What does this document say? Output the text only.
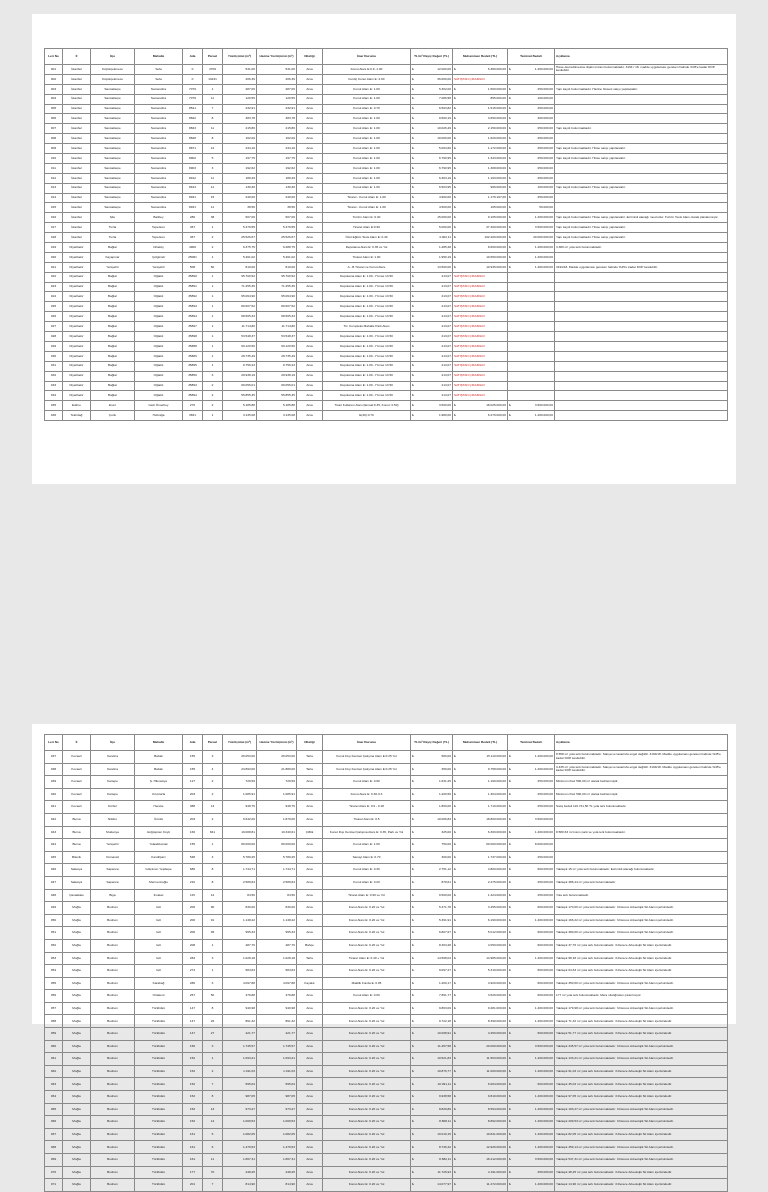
Leri No	İl	İlçe	Mahalle	Ada	Parsel	Yüzölçümü (m²)	Hazine Yüzölçümü (m²)	Niteliği	İmar Durumu	TL/m² Rayiç Değeri (TL)	Muhammen Bedeli (TL)	Teminat Bedeli	Açıklama
001	İstanbul	Küçükçekmece	Sefa	0	4709	531,00	531,00	Arsa	Konut Alanı E:0.9 -1.00	₺ 12.000,00	₺ 6.380.000,00	₺ 1.400.000,00	Hisse devredilmesine ilişkin imzası bulunmaktadır. 3194 / 18. madde uygulaması gereken halinde %45'e kadar DOP kesilebilir.
002	İstanbul	Küçükçekmece	Sefa	0	13231	206,36	206,36	Arsa	Ferdiç Konut Alanı E: 2.00	₺ 36.000,00	SATIŞTAN ÇIKARILDI		
003	İstanbul	Sancaktepe	Samandıra	7079	1	287,00	287,00	Arsa	Konut Alanı E: 1.00	₺ 5.302,00	₺ 1.500.000,00	₺ 250.000,00	Yapı kaydı bulunmaktadır. Hazine hissesi satışı yapılacaktır.
004	İstanbul	Sancaktepe	Samandıra	7079	11	120,55	120,55	Arsa	Konut Alanı E: 1.00	₺ 7.086,58	₺ 855.000,00	₺ 100.000,00	
005	İstanbul	Sancaktepe	Samandıra	8521	7	232,91	232,91	Arsa	Konut Alanı E: 0.70	₺ 6.503,82	₺ 1.515.000,00	₺ 250.000,00	
006	İstanbul	Sancaktepe	Samandıra	8822	8	383,78	383,78	Arsa	Konut Alanı E: 1.00	₺ 9.500,19	₺ 3.650.000,00	₺ 400.000,00	
007	İstanbul	Sancaktepe	Samandıra	8823	11	215,86	215,86	Arsa	Konut Alanı E: 1.00	₺ 10.026,49	₺ 2.150.000,00	₺ 250.000,00	Yapı kaydı bulunmaktadır.
008	İstanbul	Sancaktepe	Samandıra	8828	8	162,00	162,00	Arsa	Konut Alanı E: 1.00	₺ 10.000,00	₺ 1.620.000,00	₺ 250.000,00	
009	İstanbul	Sancaktepe	Samandıra	8871	12	234,19	234,19	Arsa	Konut Alanı E: 1.00	₺ 5.003,60	₺ 1.172.000,00	₺ 250.000,00	Yapı kaydı bulunmaktadır. Hisse satışı yapılacaktır.
010	İstanbul	Sancaktepe	Samandıra	8902	5	197,75	197,75	Arsa	Konut Alanı E: 1.00	₺ 6.790,95	₺ 1.343.000,00	₺ 250.000,00	Yapı kaydı bulunmaktadır. Hisse satışı yapılacaktır.
011	İstanbul	Sancaktepe	Samandıra	8903	3	192,62	192,62	Arsa	Konut Alanı E: 1.00	₺ 6.790,95	₺ 1.308.000,00	₺ 250.000,00	
012	İstanbul	Sancaktepe	Samandıra	8912	11	189,29	189,29	Arsa	Konut Alanı E: 1.00	₺ 6.303,19	₺ 1.193.000,00	₺ 250.000,00	
013	İstanbul	Sancaktepe	Samandıra	8913	11	139,30	139,30	Arsa	Konut Alanı E: 1.00	₺ 6.503,95	₺ 906.000,00	₺ 100.000,00	Yapı kaydı bulunmaktadır. Hisse satışı yapılacaktır.
014	İstanbul	Sancaktepe	Samandıra	8931	15	240,00	240,00	Arsa	Ticaret - Konut Alanı E: 1.00	₺ 4.900,00	₺ 1.176.167,00	₺ 250.000,00	
015	İstanbul	Sancaktepe	Samandıra	8931	11	38,56	38,56	Arsa	Ticaret - Konut Alanı E: 1.00	₺ 4.500,00	₺ 165.000,00	₺ 50.000,00	
016	İstanbul	Şile	Balibey	280	38	607,00	607,00	Arsa	Turizm Alanı E: 0.40	₺ 15.000,00	₺ 9.105.000,00	₺ 1.400.000,00	Yapı kaydı bulunmaktadır. Hisse satışı yapılacaktır. Ecrimisil alacağı mevcuttur. Turizm Tesis Alanı olarak planlanmıştır.
017	İstanbul	Tuzla	Tepeören	467	1	5.479,55	5.479,55	Arsa	Ticaret Alanı E:0.90	₺ 5.000,00	₺ 27.400.000,00	₺ 3.500.000,00	Yapı kaydı bulunmaktadır. Hisse satışı yapılacaktır.
018	İstanbul	Tuzla	Tepeören	467	2	25.526,67	25.526,67	Arsa	Özel Eğitim Tesis Alanı E: 0.40	₺ 4.002,11	₺ 102.200.000,00	₺ 20.000.000,00	Yapı kaydı bulunmaktadır. Hisse satışı yapılacaktır.
019	Diyarbakır	Bağlar	Ortaköy	4906	2	6.375,75	6.288,75	Arsa	Depolama Alanı E: 0.35 ve Yol	₺ 1.285,28	₺ 8.600.000,00	₺ 1.400.000,00	3.380 m² yola terk bulunmaktadır.
020	Diyarbakır	Kayapınar	Çölgüzeli	25081	1	5.461,02	5.461,02	Arsa	Ticaret Alanı E: 1.00	₺ 1.950,19	₺ 10.650.000,00	₺ 1.400.000,00	
021	Diyarbakır	Yenişehir	Yenişehir	508	60	810,00	810,00	Arsa	A - B Ticaret ve Konut Alanı	₺ 13.500,00	₺ 10.935.000,00	₺ 1.400.000,00	3194/18. Madde uygulaması gereken halinde %45'e kadar DOP kesilebilir.
022	Diyarbakır	Bağlar	Oğlaklı	35890	1	95.700,52	95.700,52	Arsa	Depolama Alanı E: 1.00 - H:max 13.50	₺ 213,07	SATIŞTAN ÇIKARILDI		
023	Diyarbakır	Bağlar	Oğlaklı	35891	1	71.255,36	71.255,36	Arsa	Depolama Alanı E: 1.00 - H:max 13.50	₺ 213,07	SATIŞTAN ÇIKARILDI		
024	Diyarbakır	Bağlar	Oğlaklı	35892	1	65.064,90	65.064,90	Arsa	Depolama Alanı E: 1.00 - H:max 13.50	₺ 213,07	SATIŞTAN ÇIKARILDI		
025	Diyarbakır	Bağlar	Oğlaklı	35893	1	80.607,52	80.607,52	Arsa	Depolama Alanı E: 1.00 - H:max 13.50	₺ 213,07	SATIŞTAN ÇIKARILDI		
026	Diyarbakır	Bağlar	Oğlaklı	35894	1	68.505,33	68.505,33	Arsa	Depolama Alanı E: 1.00 - H:max 13.50	₺ 213,07	SATIŞTAN ÇIKARILDI		
027	Diyarbakır	Bağlar	Oğlaklı	35897	1	11.714,80	11.714,80	Arsa	Tic. Kompleks Mahalle Park Alanı	₺ 213,07	SATIŞTAN ÇIKARILDI		
028	Diyarbakır	Bağlar	Oğlaklı	35898	1	53.548,37	53.548,37	Arsa	Depolama Alanı E: 1.00 - H:max 13.50	₺ 213,07	SATIŞTAN ÇIKARILDI		
029	Diyarbakır	Bağlar	Oğlaklı	35888	1	60.120,50	60.120,50	Arsa	Depolama Alanı E: 1.00 - H:max 13.50	₺ 213,07	SATIŞTAN ÇIKARILDI		
030	Diyarbakır	Bağlar	Oğlaklı	35889	1	28.735,49	28.735,49	Arsa	Depolama Alanı E: 1.00 - H:max 13.50	₺ 213,07	SATIŞTAN ÇIKARILDI		
031	Diyarbakır	Bağlar	Oğlaklı	35895	1	9.756,23	9.756,23	Arsa	Depolama Alanı E: 1.00 - H:max 13.50	₺ 213,07	SATIŞTAN ÇIKARILDI		
032	Diyarbakır	Bağlar	Oğlaklı	35850	3	29.938,19	29.938,19	Arsa	Depolama Alanı E: 1.00 - H:max 13.50	₺ 213,07	SATIŞTAN ÇIKARILDI		
033	Diyarbakır	Bağlar	Oğlaklı	35893	2	69.056,01	69.056,01	Arsa	Depolama Alanı E: 1.00 - H:max 13.50	₺ 213,07	SATIŞTAN ÇIKARILDI		
034	Diyarbakır	Bağlar	Oğlaklı	35894	2	55.855,35	55.855,35	Arsa	Depolama Alanı E: 1.00 - H:max 13.50	₺ 213,07	SATIŞTAN ÇIKARILDI		
035	Edirne	Enez	Gazi Ömerbey	276	2	5.185,88	5.185,88	Arsa	Ticari Kullanım Alanı (Emsal:0.35, Konut: 0.50)	₺ 3.500,00	₺ 18.025.000,00	₺ 3.500.000,00	
036	Tekirdağ	Çorlu	Hıdırağa	3831	1	3.135,08	3.135,08	Arsa	E(40).0.70	₺ 1.980,00	₺ 6.270.000,00	₺ 1.400.000,00	
Leri No	İl	İlçe	Mahalle	Ada	Parsel	Yüzölçümü (m²)	Hazine Yüzölçümü (m²)	Niteliği	İmar Durumu	TL/m² Rayiç Değeri (TL)	Muhammen Bedeli (TL)	Teminat Bedeli	Açıklama
037	Kocaeli	Kandıra	Babalı	155	3	26.053,00	26.053,00	Tarla	Konut Dışı Kentsel Çalışma Alanı E:0.25 Yol	₺ 580,00	₺ 15.110.000,00	₺ 1.400.000,00	8.558 m² yola terk bulunmaktadır. Satışa ve tasarrufa engel değildir. 3194/18. Madde uygulaması gereken halinde %45'e kadar DOP kesilebilir.
038	Kocaeli	Kandıra	Babalı	155	4	23.893,00	21.880,00	Tarla	Konut Dışı Kentsel Çalışma Alanı E:0.25 Yol	₺ 350,00	₺ 9.758.000,00	₺ 1.400.000,00	3.435 m² yola terk bulunmaktadır. Satışa ve tasarrufa engel değildir. 3194/18. Madde uygulaması gereken halinde %45'e kadar DOP kesilebilir.
039	Kocaeli	Kartepe	Ş. Hikmetiye	127	2	729,59	729,59	Arsa	Konut Alanı E: 0.90	₺ 1.631,25	₺ 1.190.000,00	₺ 250.000,00	Minimum ifraz 500,00 m² olarak belirlenmiştir.
040	Kocaeli	Kartepe	Uzuntarla	203	2	1.085,91	1.085,91	Arsa	Konut Alanı E: 0.30-0.3	₺ 1.200,56	₺ 1.304.000,00	₺ 250.000,00	Minimum ifraz 500,00 m² olarak belirlenmiştir.
041	Kocaeli	Körfez	Hereke	388	13	948,75	948,75	Arsa	Ticaret Alanı E: 0.9 - 0.18	₺ 1.800,00	₺ 1.710.000,00	₺ 250.000,00	Satış bedeli 116.741,50 TL yola terk bulunmaktadır.
042	Bursa	Nilüfer	Ürünlü	203	2	6.642,00	1.870,00	Arsa	Ticaret Alanı E: 0.5	₺ 10.006,83	₺ 18.800.000,00	₺ 3.500.000,00	
043	Bursa	Mudanya	Göğüşören Köyü	166	841	19.008,81	10.340,61	Çiftlik	Konut Dışı Kentsel Çalışma Alanı E: 0.35, Park ve Yol	₺ 325,00	₺ 6.300.000,00	₺ 1.400.000,00	8.580,63 m² kısmı park ve yola terk bulunmaktadır.
044	Bursa	Yenişehir	Yolaaltıkonak	155	1	80.000,00	80.000,00	Arsa	Konut Alanı E: 1.00	₺ 750,00	₺ 60.000.000,00	₺ 8.000.000,00	
045	Bilecik	Osmaneli	Kandilpazı	538	3	5.789,25	5.789,25	Arsa	Sanayi Alanı E: 0.70	₺ 300,00	₺ 1.737.000,00	₺ 250.000,00	
046	Sakarya	Sapanca	Gölçimen Yeşiltepe	680	8	1.744,71	1.744,71	Arsa	Konut Alanı E: 0.30	₺ 2.751,12	₺ 4.800.000,00	₺ 600.000,00	Yaklaşık 15 m² yola terk bulunmaktadır. Ecrimisil alacağı bulunmaktadır.
047	Sakarya	Sapanca	Mermercioğlu	210	8	2.589,64	2.589,64	Arsa	Konut Alanı E: 0.20	₺ 878,61	₺ 2.275.000,00	₺ 250.000,00	Yaklaşık 386,44 m² yola terk bulunmaktadır.
048	Çanakkale	Biga	Ilıcakel	115	12	84,50	84,50	Arsa	Ticaret Alanı E: 0.90 ve Yol	₺ 9.500,00	₺ 1.424.000,00	₺ 250.000,00	Yola terk bulunmaktadır.
049	Muğla	Bodrum	Göl	200	90	830,00	830,00	Arsa	Konut Alanı E: 0.20 ve Yol	₺ 5.371,78	₺ 3.455.000,00	₺ 600.000,00	Yaklaşık 170,00 m² yola terk bulunmaktadır. 3.Derece Arkeolojik Sit Alanı içerisindedir.
050	Muğla	Bodrum	Göl	200	91	1.148,22	1.148,22	Arsa	Konut Alanı E: 0.20 ve Yol	₺ 5.391,91	₺ 6.190.000,00	₺ 1.400.000,00	Yaklaşık 166,22 m² yola terk bulunmaktadır. 3.Derece Arkeolojik Sit Alanı içerisindedir.
051	Muğla	Bodrum	Göl	200	95	955,33	955,33	Arsa	Konut Alanı E: 0.20 ve Yol	₺ 6.807,67	₺ 5.012.000,00	₺ 600.000,00	Yaklaşık 380,00 m² yola terk bulunmaktadır. 3.Derece Arkeolojik Sit Alanı içerisindedir.
052	Muğla	Bodrum	Göl	208	1	487,76	487,76	Bahçe	Konut Alanı E: 0.20 ve Yol	₺ 8.303,28	₺ 4.050.000,00	₺ 600.000,00	Yaklaşık 37,76 m² yola terk bulunmaktadır. 3.Derece Arkeolojik Sit Alanı içerisindedir.
053	Muğla	Bodrum	Göl	283	3	1.028,18	1.028,18	Tarla	Ticaret Alanı E: 0.40 + Yol	₺ 14.568,04	₺ 14.985.000,00	₺ 1.400.000,00	Yaklaşık 98,18 m² yola terk bulunmaktadır. 3.Derece Arkeolojik Sit Alanı içerisindedir.
054	Muğla	Bodrum	Göl	274	1	584,63	584,63	Arsa	Konut Alanı E: 0.20 ve Yol	₺ 9.097,27	₺ 5.319.000,00	₺ 600.000,00	Yaklaşık 64,63 m² yola terk bulunmaktadır. 3.Derece Arkeolojik Sit Alanı içerisindedir.
055	Muğla	Bodrum	Karabağ	286	3	4.097,88	4.097,88	Kayalık	Makilik Funda E: 0.05	₺ 1.200,17	₺ 4.920.000,00	₺ 600.000,00	Yaklaşık 350,00 m² yola terk bulunmaktadır. 3.Derece Arkeolojik Sit Alanı içerisindedir.
056	Muğla	Bodrum	Ortakent	257	50	476,88	476,88	Arsa	Konut Alanı E: 0.00	₺ 7.891,77	₺ 3.529.000,00	₺ 600.000,00	177 m² yola terk bulunmaktadır. Mera niteliğinden çıkarılmıştır.
057	Muğla	Bodrum	Türkbükü	147	8	940,98	940,98	Arsa	Konut Alanı E: 0.20 ve Yol	₺ 9.863,09	₺ 9.281.000,00	₺ 1.400.000,00	Yaklaşık 179,98 m² yola terk bulunmaktadır. 3.Derece Arkeolojik Sit Alanı içerisindedir.
058	Muğla	Bodrum	Türkbükü	147	26	861,32	861,32	Arsa	Konut Alanı E: 0.20 ve Yol	₺ 9.722,18	₺ 8.390.000,00	₺ 1.400.000,00	Yaklaşık 71,32 m² yola terk bulunmaktadır. 3.Derece Arkeolojik Sit Alanı içerisindedir.
059	Muğla	Bodrum	Türkbükü	147	27	421,77	421,77	Arsa	Konut Alanı E: 0.20 ve Yol	₺ 10.098,91	₺ 4.250.000,00	₺ 600.000,00	Yaklaşık 51,77 m² yola terk bulunmaktadır. 3.Derece Arkeolojik Sit Alanı içerisindedir.
060	Muğla	Bodrum	Türkbükü	150	3	1.745,57	1.745,57	Arsa	Konut Alanı E: 0.20 ve Yol	₺ 11.457,58	₺ 20.000.000,00	₺ 3.500.000,00	Yaklaşık 345,57 m² yola terk bulunmaktadır. 3.Derece Arkeolojik Sit Alanı içerisindedir.
061	Muğla	Bodrum	Türkbükü	152	1	1.093,21	1.093,21	Arsa	Konut Alanı E: 0.20 ve Yol	₺ 10.521,83	₺ 11.503.000,00	₺ 1.400.000,00	Yaklaşık 133,21 m² yola terk bulunmaktadır. 3.Derece Arkeolojik Sit Alanı içerisindedir.
062	Muğla	Bodrum	Türkbükü	152	2	1.011,03	1.011,03	Arsa	Konut Alanı E: 0.20 ve Yol	₺ 10.876,77	₺ 11.000.000,00	₺ 1.400.000,00	Yaklaşık 91,03 m² yola terk bulunmaktadır. 3.Derece Arkeolojik Sit Alanı içerisindedir.
063	Muğla	Bodrum	Türkbükü	152	7	595,04	595,04	Arsa	Konut Alanı E: 0.20 ve Yol	₺ 10.091,11	₺ 6.004.000,00	₺ 600.000,00	Yaklaşık 45,04 m² yola terk bulunmaktadır. 3.Derece Arkeolojik Sit Alanı içerisindedir.
064	Muğla	Bodrum	Türkbükü	152	8	987,05	987,05	Arsa	Konut Alanı E: 0.20 ve Yol	₺ 9.938,58	₺ 9.810.000,00	₺ 1.400.000,00	Yaklaşık 97,05 m² yola terk bulunmaktadır. 3.Derece Arkeolojik Sit Alanı içerisindedir.
065	Muğla	Bodrum	Türkbükü	152	13	973,27	973,27	Arsa	Konut Alanı E: 0.20 ve Yol	₺ 8.829,89	₺ 8.594.000,00	₺ 1.400.000,00	Yaklaşık 193,27 m² yola terk bulunmaktadır. 3.Derece Arkeolojik Sit Alanı içerisindedir.
066	Muğla	Bodrum	Türkbükü	152	14	1.009,53	1.009,53	Arsa	Konut Alanı E: 0.20 ve Yol	₺ 8.808,11	₺ 8.892.000,00	₺ 1.400.000,00	Yaklaşık 209,53 m² yola terk bulunmaktadır. 3.Derece Arkeolojik Sit Alanı içerisindedir.
067	Muğla	Bodrum	Türkbükü	161	5	1.082,05	1.082,05	Arsa	Konut Alanı E: 0.20 ve Yol	₺ 10.019,15	₺ 10.841.000,00	₺ 1.400.000,00	Yaklaşık 82,05 m² yola terk bulunmaktadır. 3.Derece Arkeolojik Sit Alanı içerisindedir.
068	Muğla	Bodrum	Türkbükü	161	6	1.479,53	1.479,53	Arsa	Konut Alanı E: 0.20 ve Yol	₺ 8.736,42	₺ 12.926.000,00	₺ 1.400.000,00	Yaklaşık 459,14 m² yola terk bulunmaktadır. 3.Derece Arkeolojik Sit Alanı içerisindedir.
069	Muğla	Bodrum	Türkbükü	161	11	1.867,31	1.867,31	Arsa	Konut Alanı E: 0.20 ve Yol	₺ 8.682,11	₺ 16.212.000,00	₺ 3.500.000,00	Yaklaşık 547,31 m² yola terk bulunmaktadır. 3.Derece Arkeolojik Sit Alanı içerisindedir.
070	Muğla	Bodrum	Türkbükü	177	70	248,25	248,25	Arsa	Konut Alanı E: 0.20 ve Yol	₺ 11.726,93	₺ 2.911.000,00	₺ 250.000,00	Yaklaşık 48,25 m² yola terk bulunmaktadır. 3.Derece Arkeolojik Sit Alanı içerisindedir.
071	Muğla	Bodrum	Türkbükü	201	7	814,90	814,90	Arsa	Konut Alanı E: 0.20 ve Yol	₺ 14.077,97	₺ 11.472.000,00	₺ 1.400.000,00	Yaklaşık 14,90 m² yola terk bulunmaktadır. 3.Derece Arkeolojik Sit Alanı içerisindedir.
